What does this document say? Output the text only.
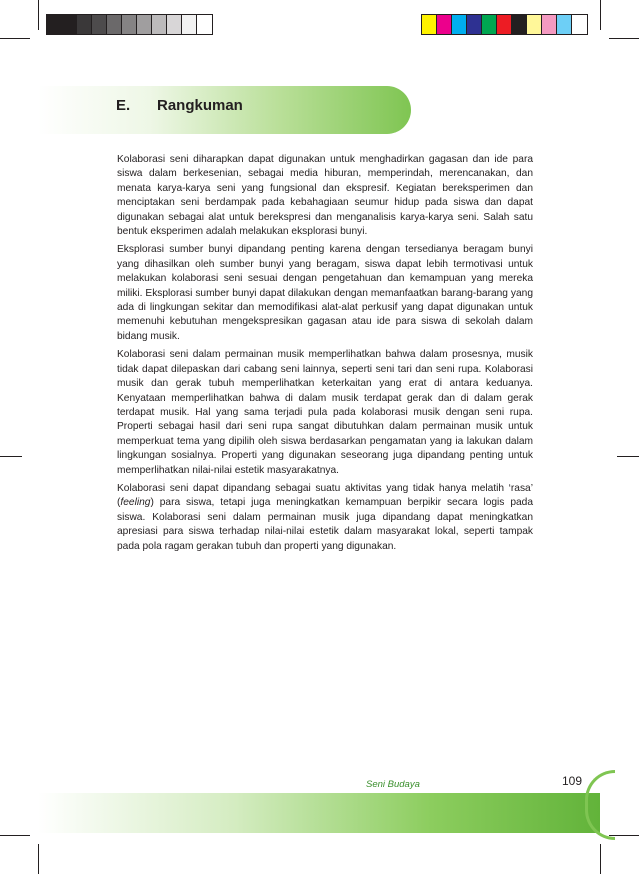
E. Rangkuman

Kolaborasi seni diharapkan dapat digunakan untuk menghadirkan gagasan dan ide para siswa dalam berkesenian, sebagai media hiburan, memperindah, merencanakan, dan menata karya-karya seni yang fungsional dan ekspresif. Kegiatan bereksperimen dan menciptakan seni berdampak pada kebahagiaan seumur hidup pada siswa dan dapat digunakan sebagai alat untuk berekspresi dan menganalisis karya-karya seni. Salah satu bentuk eksperimen adalah melakukan eksplorasi bunyi.

Eksplorasi sumber bunyi dipandang penting karena dengan tersedianya beragam bunyi yang dihasilkan oleh sumber bunyi yang beragam, siswa dapat lebih termotivasi untuk melakukan kolaborasi seni sesuai dengan pengetahuan dan kemampuan yang mereka miliki. Eksplorasi sumber bunyi dapat dilakukan dengan memanfaatkan barang-barang yang ada di lingkungan sekitar dan memodifikasi alat-alat perkusif yang dapat digunakan untuk memenuhi kebutuhan mengekspresikan gagasan atau ide para siswa di sekolah dalam bidang musik.

Kolaborasi seni dalam permainan musik memperlihatkan bahwa dalam prosesnya, musik tidak dapat dilepaskan dari cabang seni lainnya, seperti seni tari dan seni rupa. Kolaborasi musik dan gerak tubuh memperlihatkan keterkaitan yang erat di antara keduanya. Kenyataan memperlihatkan bahwa di dalam musik terdapat gerak dan di dalam gerak terdapat musik. Hal yang sama terjadi pula pada kolaborasi musik dengan seni rupa. Properti sebagai hasil dari seni rupa sangat dibutuhkan dalam permainan musik untuk memperkuat tema yang dipilih oleh siswa berdasarkan pengamatan yang ia lakukan dalam lingkungan sosialnya. Properti yang digunakan seseorang juga dipandang penting untuk memperlihatkan nilai-nilai estetik masyarakatnya.

Kolaborasi seni dapat dipandang sebagai suatu aktivitas yang tidak hanya melatih ‘rasa’ (feeling) para siswa, tetapi juga meningkatkan kemampuan berpikir secara logis pada siswa. Kolaborasi seni dalam permainan musik juga dipandang dapat meningkatkan apresiasi para siswa terhadap nilai-nilai estetik dalam masyarakat lokal, seperti tampak pada pola ragam gerakan tubuh dan properti yang digunakan.

Seni Budaya	109
